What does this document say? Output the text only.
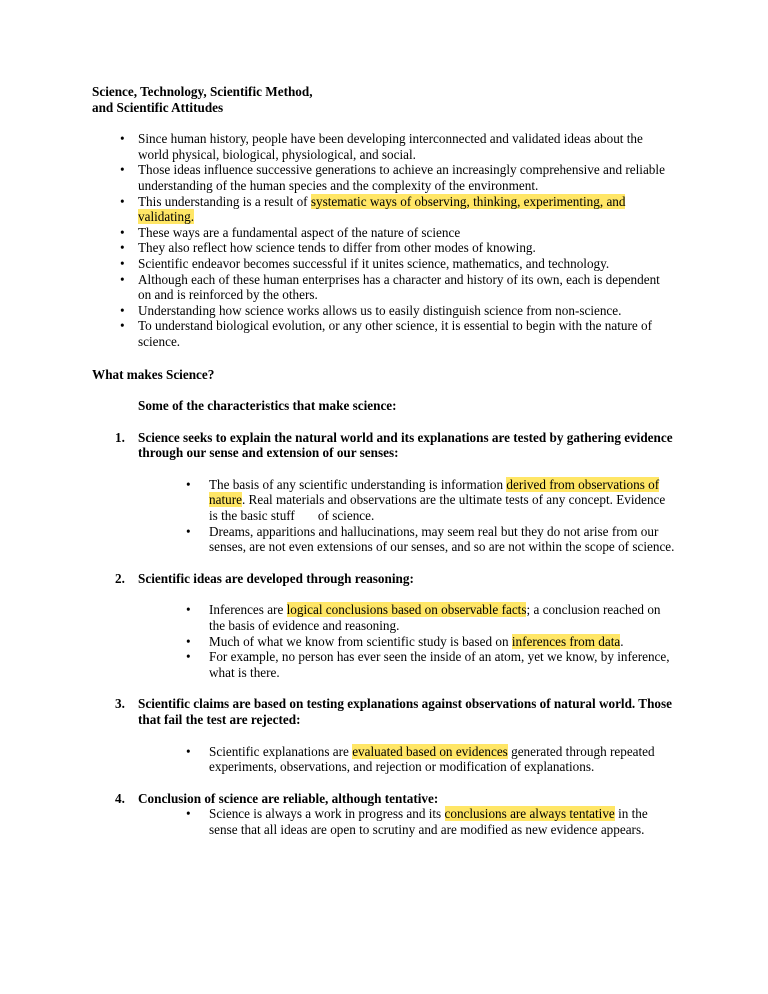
Science, Technology, Scientific Method,
and Scientific Attitudes
• Since human history, people have been developing interconnected and validated ideas about the world physical, biological, physiological, and social.
• Those ideas influence successive generations to achieve an increasingly comprehensive and reliable understanding of the human species and the complexity of the environment.
• This understanding is a result of systematic ways of observing, thinking, experimenting, and validating.
• These ways are a fundamental aspect of the nature of science
• They also reflect how science tends to differ from other modes of knowing.
• Scientific endeavor becomes successful if it unites science, mathematics, and technology.
• Although each of these human enterprises has a character and history of its own, each is dependent on and is reinforced by the others.
• Understanding how science works allows us to easily distinguish science from non-science.
• To understand biological evolution, or any other science, it is essential to begin with the nature of science.
What makes Science?
Some of the characteristics that make science:
1. Science seeks to explain the natural world and its explanations are tested by gathering evidence through our sense and extension of our senses:
• The basis of any scientific understanding is information derived from observations of nature. Real materials and observations are the ultimate tests of any concept. Evidence is the basic stuff       of science.
• Dreams, apparitions and hallucinations, may seem real but they do not arise from our senses, are not even extensions of our senses, and so are not within the scope of science.
2. Scientific ideas are developed through reasoning:
• Inferences are logical conclusions based on observable facts; a conclusion reached on the basis of evidence and reasoning.
• Much of what we know from scientific study is based on inferences from data.
• For example, no person has ever seen the inside of an atom, yet we know, by inference, what is there.
3. Scientific claims are based on testing explanations against observations of natural world. Those that fail the test are rejected:
• Scientific explanations are evaluated based on evidences generated through repeated experiments, observations, and rejection or modification of explanations.
4. Conclusion of science are reliable, although tentative:
• Science is always a work in progress and its conclusions are always tentative in the sense that all ideas are open to scrutiny and are modified as new evidence appears.
